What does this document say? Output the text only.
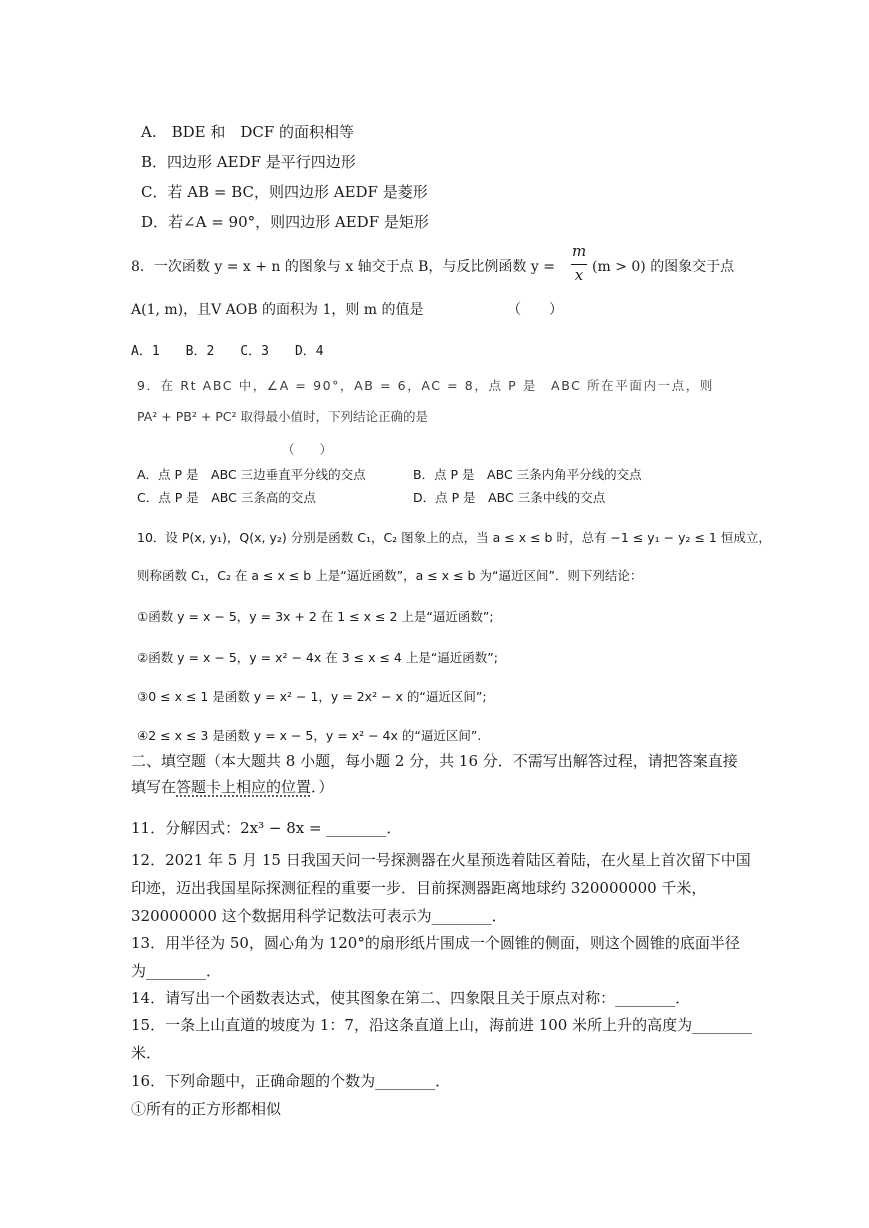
A.　BDE 和　DCF 的面积相等
B．四边形 AEDF 是平行四边形
C．若 AB = BC，则四边形 AEDF 是菱形
D．若∠A = 90°，则四边形 AEDF 是矩形
8．一次函数 y = x + n 的图象与 x 轴交于点 B，与反比例函数 y =
m
x (m > 0) 的图象交于点
A(1, m)，且V AOB 的面积为 1，则 m 的值是	（　　）
A．1　　B．2　　C．3　　D．4
9．在 Rt ABC 中，∠A = 90°，AB = 6，AC = 8，点 P 是　ABC 所在平面内一点，则
PA² + PB² + PC² 取得最小值时，下列结论正确的是
（　　）
A．点 P 是　ABC 三边垂直平分线的交点	B．点 P 是　ABC 三条内角平分线的交点
C．点 P 是　ABC 三条高的交点	D．点 P 是　ABC 三条中线的交点
10．设 P(x, y₁)，Q(x, y₂) 分别是函数 C₁，C₂ 图象上的点，当 a ≤ x ≤ b 时，总有 −1 ≤ y₁ − y₂ ≤ 1 恒成立，
则称函数 C₁，C₂ 在 a ≤ x ≤ b 上是“逼近函数”，a ≤ x ≤ b 为“逼近区间”．则下列结论：
①函数 y = x − 5，y = 3x + 2 在 1 ≤ x ≤ 2 上是“逼近函数”;
②函数 y = x − 5，y = x² − 4x 在 3 ≤ x ≤ 4 上是“逼近函数”;
③0 ≤ x ≤ 1 是函数 y = x² − 1，y = 2x² − x 的“逼近区间”;
④2 ≤ x ≤ 3 是函数 y = x − 5，y = x² − 4x 的“逼近区间”.
二、填空题（本大题共 8 小题，每小题 2 分，共 16 分．不需写出解答过程，请把答案直接
填写在答题卡上相应的位置．）
11．分解因式：2x³ − 8x = ________．
12．2021 年 5 月 15 日我国天问一号探测器在火星预选着陆区着陆，在火星上首次留下中国
印迹，迈出我国星际探测征程的重要一步．目前探测器距离地球约 320000000 千米，
320000000 这个数据用科学记数法可表示为________．
13．用半径为 50，圆心角为 120°的扇形纸片围成一个圆锥的侧面，则这个圆锥的底面半径
为________．
14．请写出一个函数表达式，使其图象在第二、四象限且关于原点对称：________．
15．一条上山直道的坡度为 1：7，沿这条直道上山，海前进 100 米所上升的高度为________
米．
16．下列命题中，正确命题的个数为________．
①所有的正方形都相似
